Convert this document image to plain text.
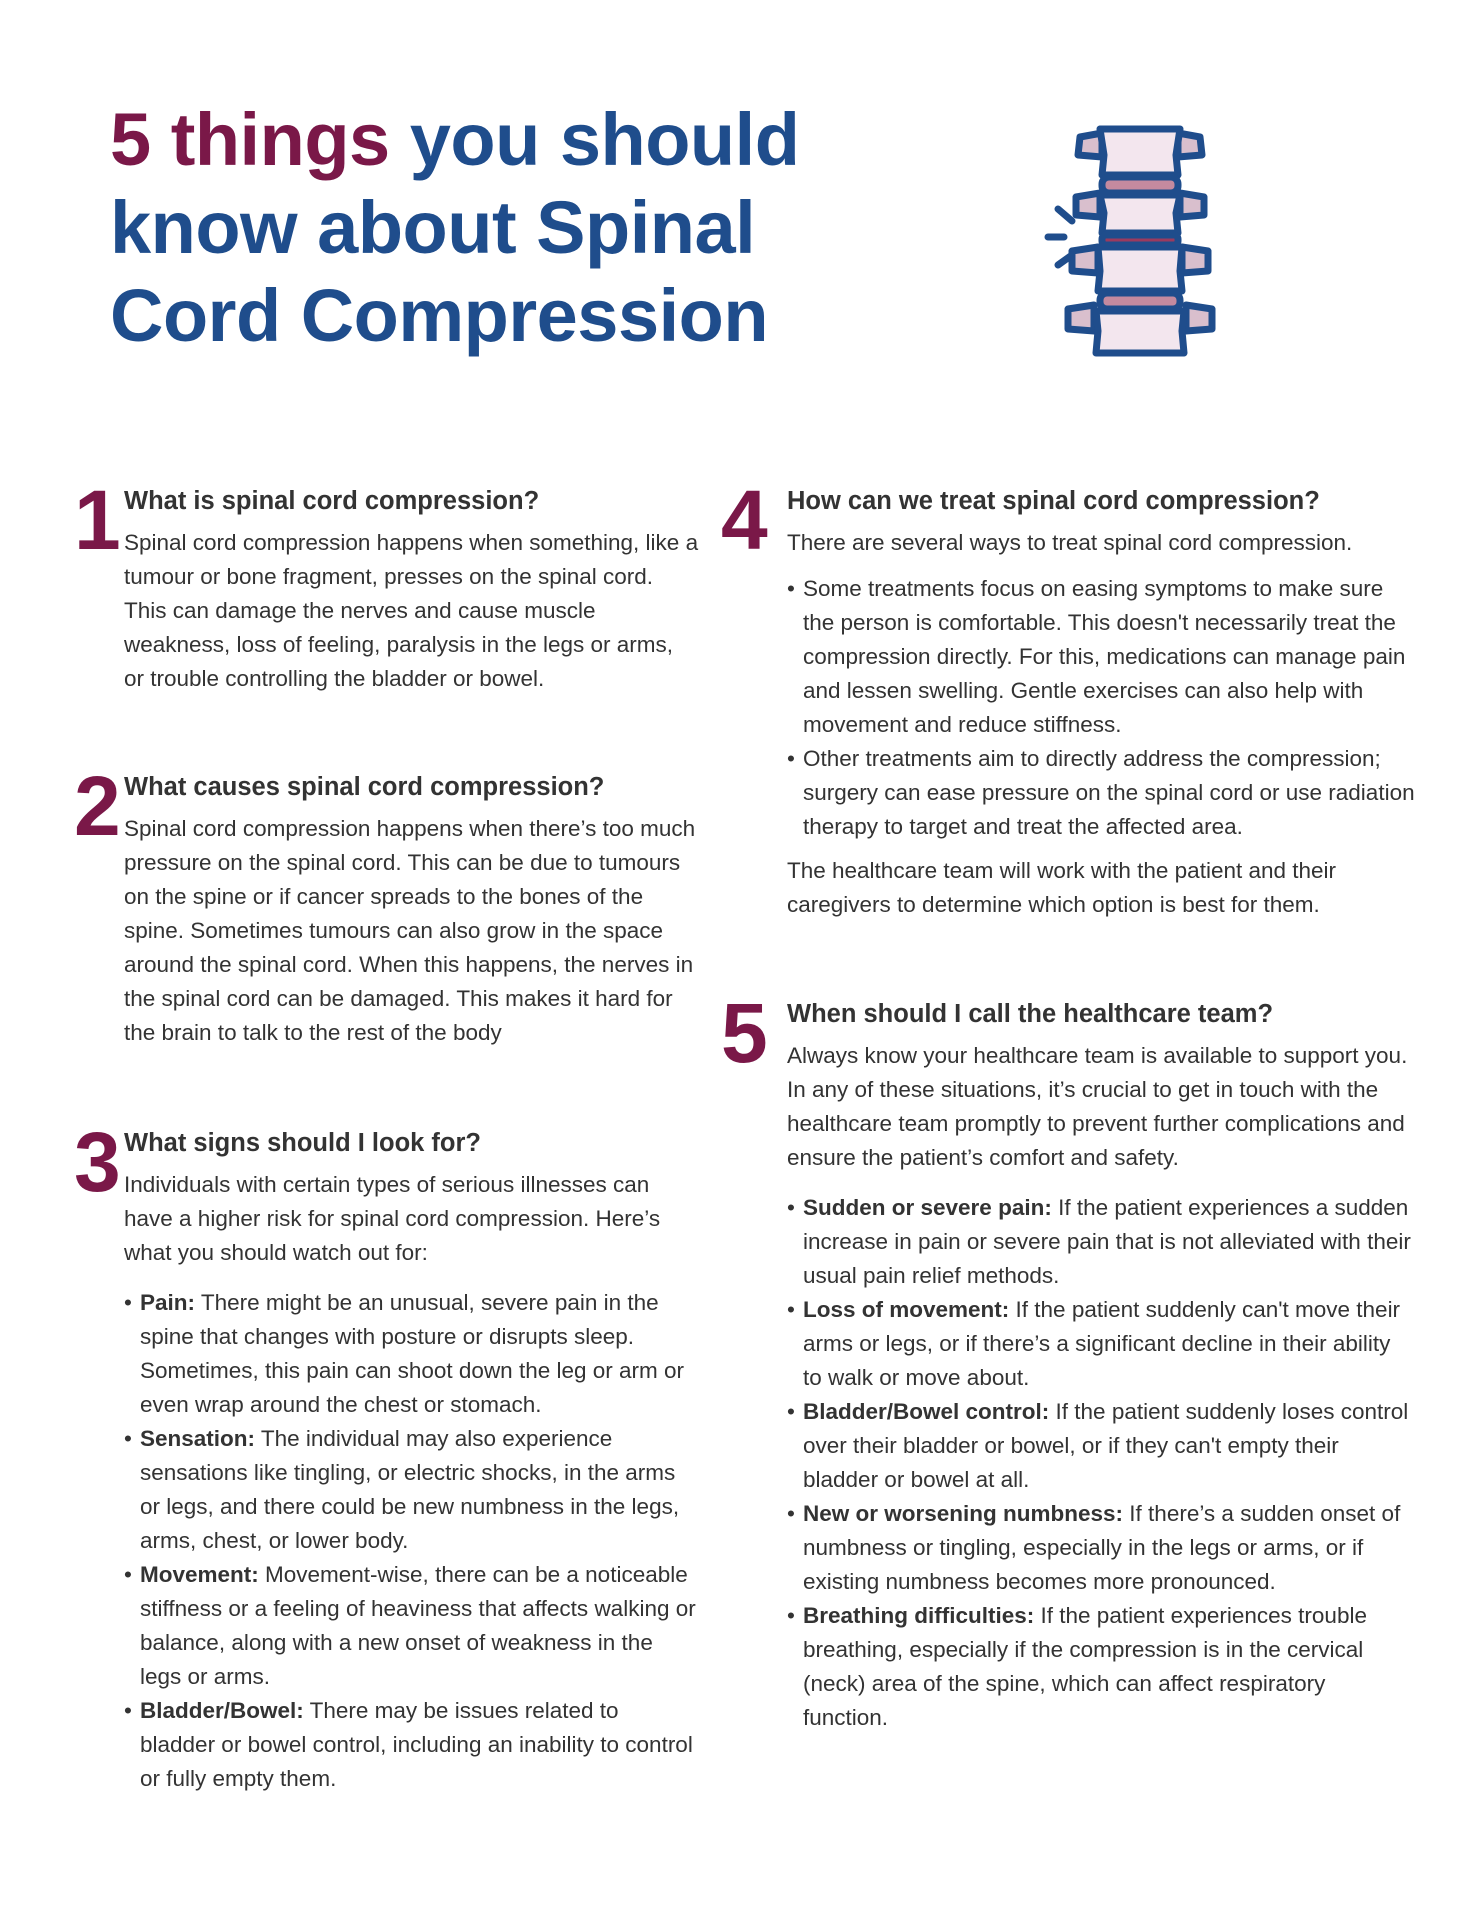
5 things you should
know about Spinal
Cord Compression
1 What is spinal cord compression?

Spinal cord compression happens when something, like a tumour or bone fragment, presses on the spinal cord. This can damage the nerves and cause muscle weakness, loss of feeling, paralysis in the legs or arms, or trouble controlling the bladder or bowel.

2 What causes spinal cord compression?

Spinal cord compression happens when there’s too much pressure on the spinal cord. This can be due to tumours on the spine or if cancer spreads to the bones of the spine. Sometimes tumours can also grow in the space around the spinal cord. When this happens, the nerves in the spinal cord can be damaged. This makes it hard for the brain to talk to the rest of the body

3 What signs should I look for?

Individuals with certain types of serious illnesses can have a higher risk for spinal cord compression. Here’s what you should watch out for:

• Pain: There might be an unusual, severe pain in the spine that changes with posture or disrupts sleep. Sometimes, this pain can shoot down the leg or arm or even wrap around the chest or stomach.
• Sensation: The individual may also experience sensations like tingling, or electric shocks, in the arms or legs, and there could be new numbness in the legs, arms, chest, or lower body.
• Movement: Movement-wise, there can be a noticeable stiffness or a feeling of heaviness that affects walking or balance, along with a new onset of weakness in the legs or arms.
• Bladder/Bowel: There may be issues related to bladder or bowel control, including an inability to control or fully empty them.
4 How can we treat spinal cord compression?

There are several ways to treat spinal cord compression.

• Some treatments focus on easing symptoms to make sure the person is comfortable. This doesn't necessarily treat the compression directly. For this, medications can manage pain and lessen swelling. Gentle exercises can also help with movement and reduce stiffness.
• Other treatments aim to directly address the compression; surgery can ease pressure on the spinal cord or use radiation therapy to target and treat the affected area.

The healthcare team will work with the patient and their caregivers to determine which option is best for them.

5 When should I call the healthcare team?

Always know your healthcare team is available to support you. In any of these situations, it’s crucial to get in touch with the healthcare team promptly to prevent further complications and ensure the patient’s comfort and safety.

• Sudden or severe pain: If the patient experiences a sudden increase in pain or severe pain that is not alleviated with their usual pain relief methods.
• Loss of movement: If the patient suddenly can't move their arms or legs, or if there’s a significant decline in their ability to walk or move about.
• Bladder/Bowel control: If the patient suddenly loses control over their bladder or bowel, or if they can't empty their bladder or bowel at all.
• New or worsening numbness: If there’s a sudden onset of numbness or tingling, especially in the legs or arms, or if existing numbness becomes more pronounced.
• Breathing difficulties: If the patient experiences trouble breathing, especially if the compression is in the cervical (neck) area of the spine, which can affect respiratory function.
